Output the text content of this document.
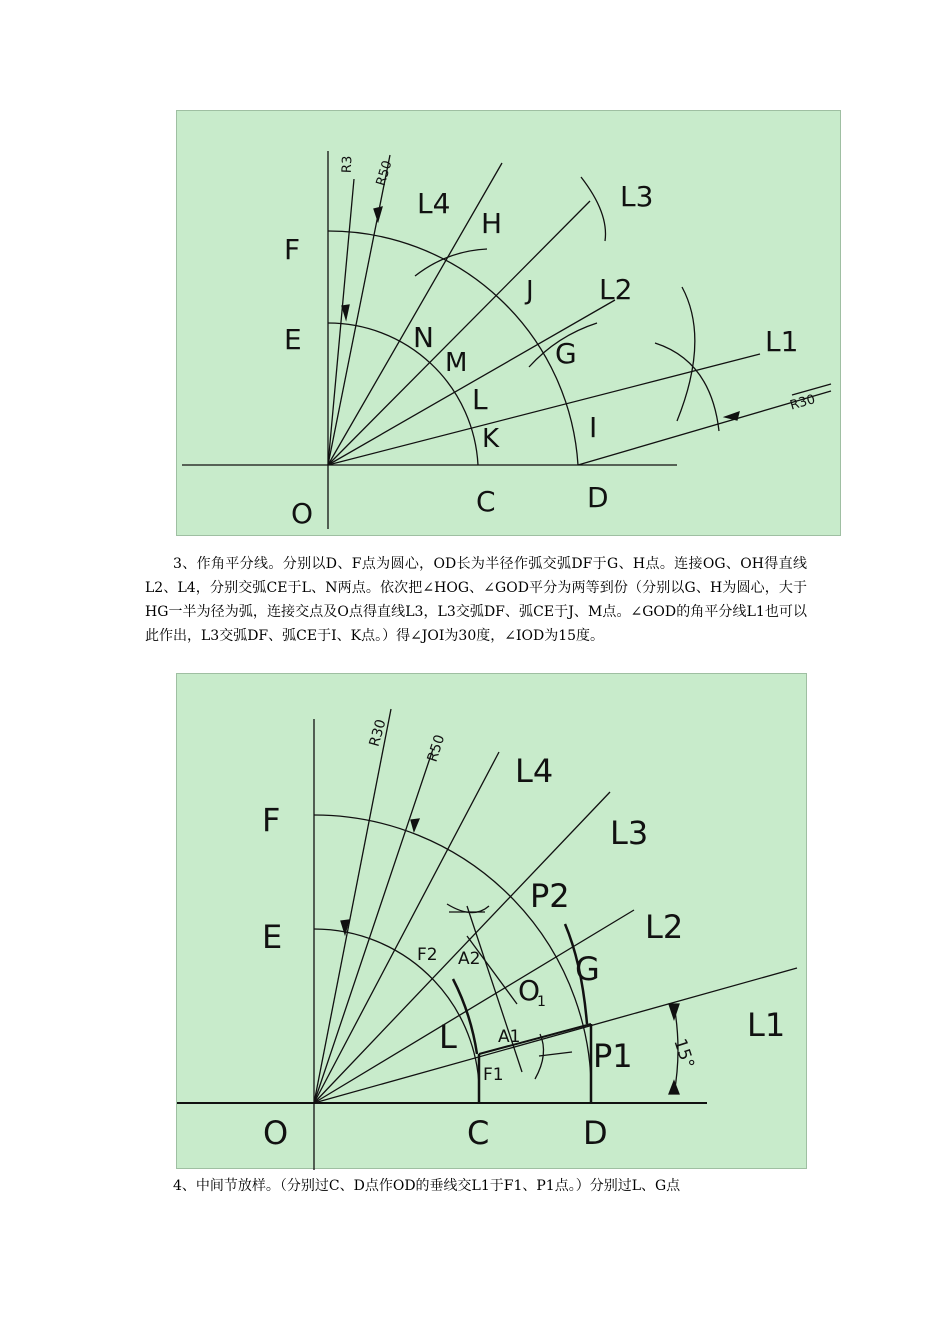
R3 R50
L4
H
L3
F
J L2
E	N
M	G	L1
L	R30
K	I
O	C	D

3、作角平分线。分别以D、F点为圆心，OD长为半径作弧交弧DF于G、H点。连接OG、OH得直线L2、L4，分别交弧CE于L、N两点。依次把∠HOG、∠GOD平分为两等到份（分别以G、H为圆心，大于HG一半为径为弧，连接交点及O点得直线L3，L3交弧DF、弧CE于J、M点。∠GOD的角平分线L1也可以此作出，L3交弧DF、弧CE于I、K点。）得∠JOI为30度，∠IOD为15度。

R30	R50
L4
F	L3
P2
E	L2
F2 A2	G
O
1
L A1 P1
L1
15°
F1
O	C	D

4、中间节放样。（分别过C、D点作OD的垂线交L1于F1、P1点。）分别过L、G点
